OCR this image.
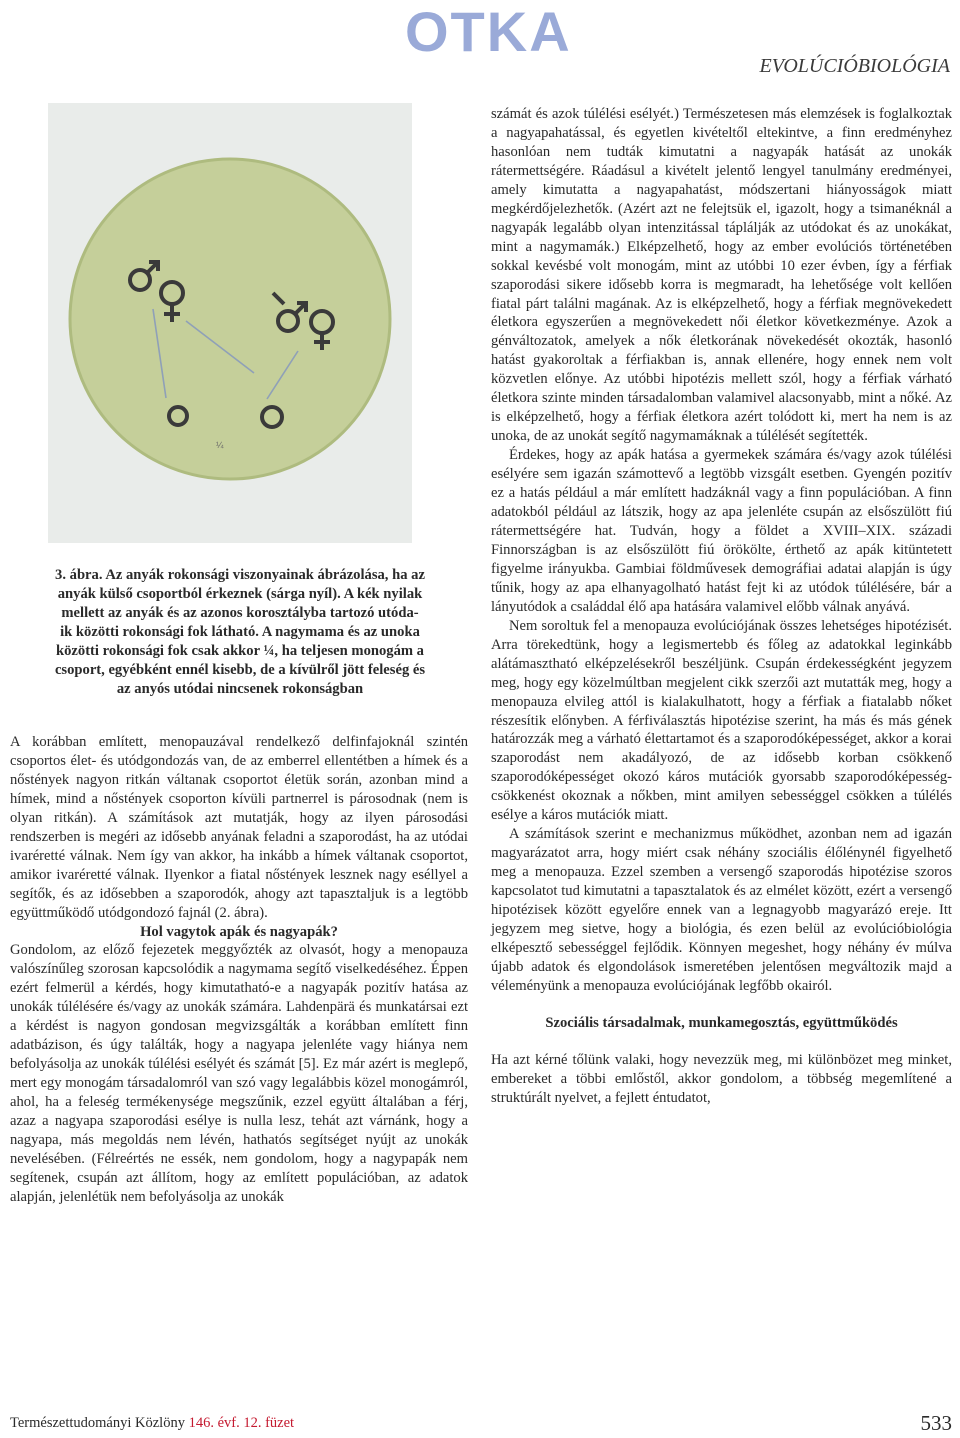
OTKA
EVOLÚCIÓBIOLÓGIA
¼
3. ábra. Az anyák rokonsági viszonyainak ábrázolása, ha az
anyák külső csoportból érkeznek (sárga nyíl). A kék nyilak
mellett az anyák és az azonos korosztályba tartozó utóda-
ik közötti rokonsági fok látható. A nagymama és az unoka
közötti rokonsági fok csak akkor ¼, ha teljesen monogám a
csoport, egyébként ennél kisebb, de a kívülről jött feleség és
az anyós utódai nincsenek rokonságban

A korábban említett, menopauzával rendelkező delfinfajoknál szintén csoportos élet- és utódgondozás van, de az emberrel ellentétben a hímek és a nőstények nagyon ritkán váltanak csoportot életük során, azonban mind a hímek, mind a nőstények csoporton kívüli partnerrel is párosodnak (nem is olyan ritkán). A számítások azt mutatják, hogy az ilyen párosodási rendszerben is megéri az idősebb anyának feladni a szaporodást, ha az utódai ivaréretté válnak. Nem így van akkor, ha inkább a hímek váltanak csoportot, amikor ivaréretté válnak. Ilyenkor a fiatal nőstények lesznek nagy eséllyel a segítők, és az idősebben a szaporodók, ahogy azt tapasztaljuk is a legtöbb együttműködő utódgondozó fajnál (2. ábra).

Hol vagytok apák és nagyapák?

Gondolom, az előző fejezetek meggyőzték az olvasót, hogy a menopauza valószínűleg szorosan kapcsolódik a nagymama segítő viselkedéséhez. Éppen ezért felmerül a kérdés, hogy kimutatható-e a nagyapák pozitív hatása az unokák túlélésére és/vagy az unokák számára. Lahdenpärä és munkatársai ezt a kérdést is nagyon gondosan megvizsgálták a korábban említett finn adatbázison, és úgy találták, hogy a nagyapa jelenléte vagy hiánya nem befolyásolja az unokák túlélési esélyét és számát [5]. Ez már azért is meglepő, mert egy monogám társadalomról van szó vagy legalábbis közel monogámról, ahol, ha a feleség termékenysége megszűnik, ezzel együtt általában a férj, azaz a nagyapa szaporodási esélye is nulla lesz, tehát azt várnánk, hogy a nagyapa, más megoldás nem lévén, hathatós segítséget nyújt az unokák nevelésében. (Félreértés ne essék, nem gondolom, hogy a nagypapák nem segítenek, csupán azt állítom, hogy az említett populációban, az adatok alapján, jelenlétük nem befolyásolja az unokák

számát és azok túlélési esélyét.) Természetesen más elemzések is foglalkoztak a nagyapahatással, és egyetlen kivételtől eltekintve, a finn eredményhez hasonlóan nem tudták kimutatni a nagyapák hatását az unokák rátermettségére. Ráadásul a kivételt jelentő lengyel tanulmány eredményei, amely kimutatta a nagyapahatást, módszertani hiányosságok miatt megkérdőjelezhetők. (Azért azt ne felejtsük el, igazolt, hogy a tsimanéknál a nagyapák legalább olyan intenzitással táplálják az utódokat és az unokákat, mint a nagymamák.) Elképzelhető, hogy az ember evolúciós történetében sokkal kevésbé volt monogám, mint az utóbbi 10 ezer évben, így a férfiak szaporodási sikere idősebb korra is megmaradt, ha lehetősége volt kellően fiatal párt találni magának. Az is elképzelhető, hogy a férfiak megnövekedett életkora egyszerűen a megnövekedett női életkor következménye. Azok a génváltozatok, amelyek a nők életkorának növekedését okozták, hasonló hatást gyakoroltak a férfiakban is, annak ellenére, hogy ennek nem volt közvetlen előnye. Az utóbbi hipotézis mellett szól, hogy a férfiak várható életkora szinte minden társadalomban valamivel alacsonyabb, mint a nőké. Az is elképzelhető, hogy a férfiak életkora azért tolódott ki, mert ha nem is az unoka, de az unokát segítő nagymamáknak a túlélését segítették.

Érdekes, hogy az apák hatása a gyermekek számára és/vagy azok túlélési esélyére sem igazán számottevő a legtöbb vizsgált esetben. Gyengén pozitív ez a hatás például a már említett hadzáknál vagy a finn populációban. A finn adatokból például az látszik, hogy az apa jelenléte csupán az elsőszülött fiú rátermettségére hat. Tudván, hogy a földet a XVIII–XIX. századi Finnországban is az elsőszülött fiú örökölte, érthető az apák kitüntetett figyelme irányukba. Gambiai földművesek demográfiai adatai alapján is úgy tűnik, hogy az apa elhanyagolható hatást fejt ki az utódok túlélésére, bár a lányutódok a családdal élő apa hatására valamivel előbb válnak anyává.

Nem soroltuk fel a menopauza evolúciójának összes lehetséges hipotézisét. Arra törekedtünk, hogy a legismertebb és főleg az adatokkal leginkább alátámasztható elképzelésekről beszéljünk. Csupán érdekességként jegyzem meg, hogy egy közelmúltban megjelent cikk szerzői azt mutatták meg, hogy a menopauza elvileg attól is kialakulhatott, hogy a férfiak a fiatalabb nőket részesítik előnyben. A férfiválasztás hipotézise szerint, ha más és más gének határozzák meg a várható élettartamot és a szaporodóképességet, akkor a korai szaporodást nem akadályozó, de az idősebb korban csökkenő szaporodóképességet okozó káros mutációk gyorsabb szaporodóképesség-csökkenést okoznak a nőkben, mint amilyen sebességgel csökken a túlélés esélye a káros mutációk miatt.

A számítások szerint e mechanizmus működhet, azonban nem ad igazán magyarázatot arra, hogy miért csak néhány szociális élőlénynél figyelhető meg a menopauza. Ezzel szemben a versengő szaporodás hipotézise szoros kapcsolatot tud kimutatni a tapasztalatok és az elmélet között, ezért a versengő hipotézisek között egyelőre ennek van a legnagyobb magyarázó ereje. Itt jegyzem meg sietve, hogy a biológia, és ezen belül az evolúcióbiológia elképesztő sebességgel fejlődik. Könnyen megeshet, hogy néhány év múlva újabb adatok és elgondolások ismeretében jelentősen megváltozik majd a véleményünk a menopauza evolúciójának legfőbb okairól.

Szociális társadalmak, munkamegosztás, együttműködés

Ha azt kérné tőlünk valaki, hogy nevezzük meg, mi különbözet meg minket, embereket a többi emlőstől, akkor gondolom, a többség megemlítené a struktúrált nyelvet, a fejlett éntudatot,

Természettudományi Közlöny 146. évf. 12. füzet	533
